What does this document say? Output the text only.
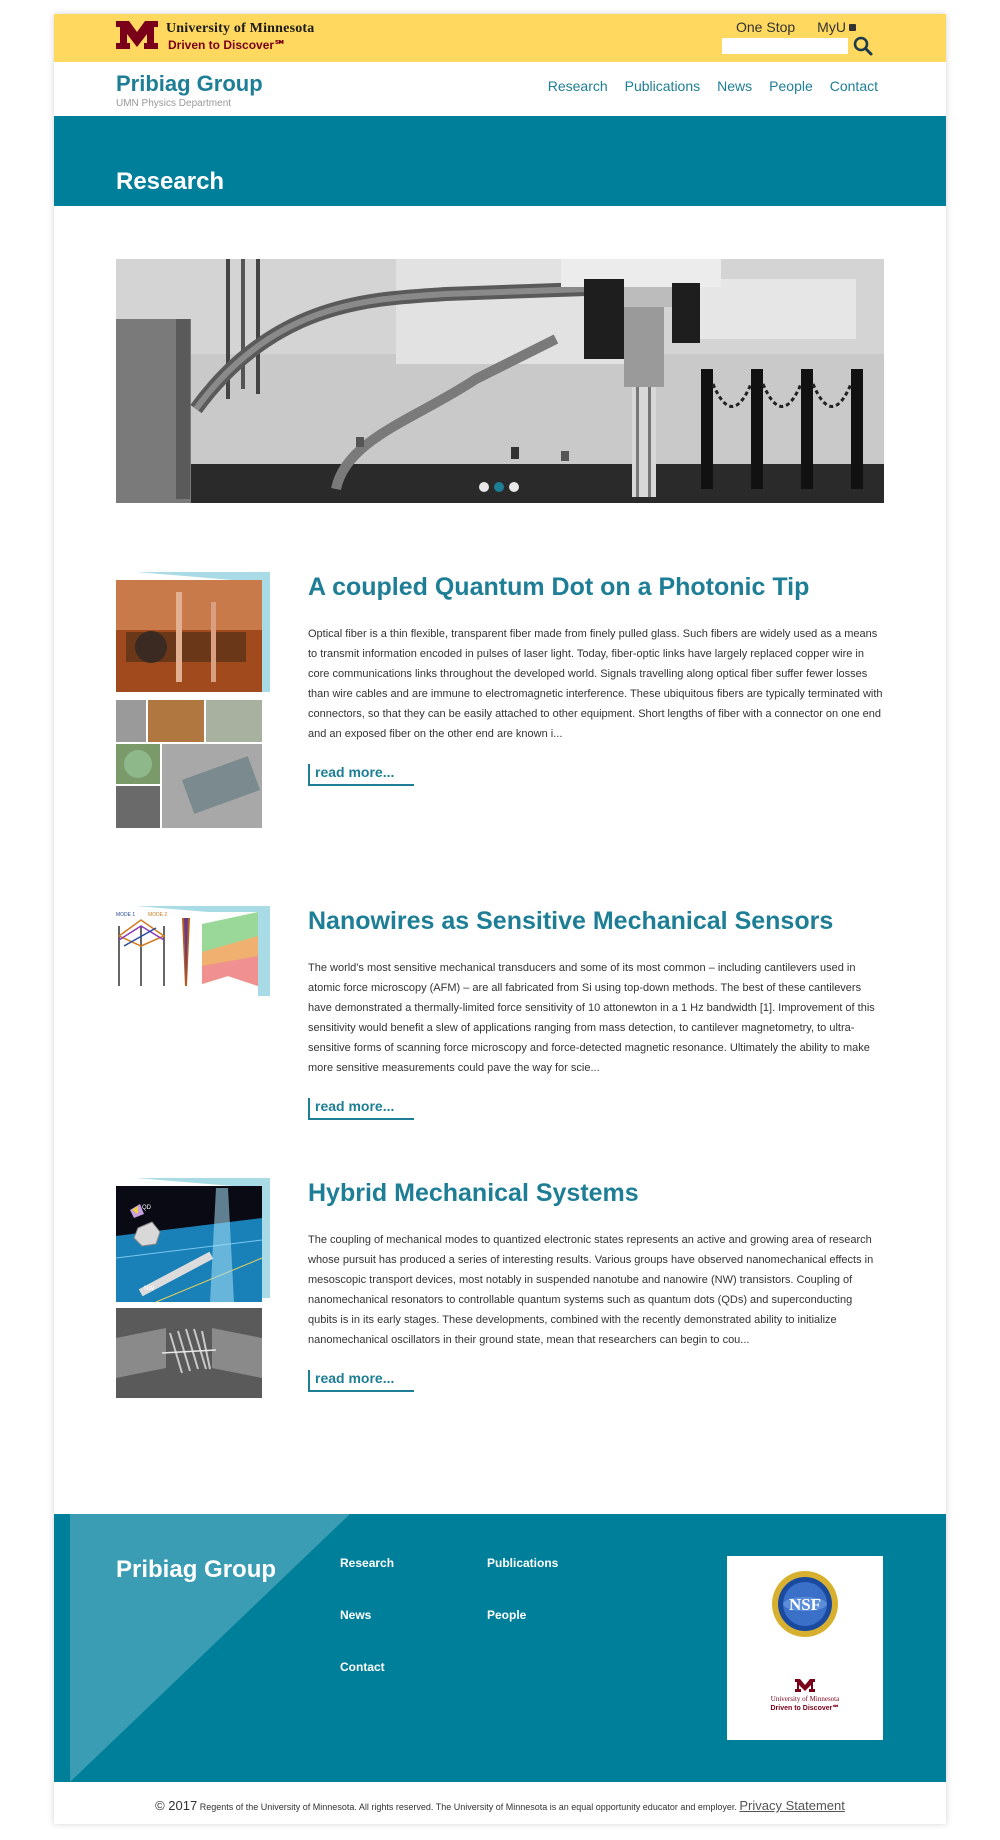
University of Minnesota
Driven to Discover℠
One Stop MyU
Pribiag Group
UMN Physics Department
Research Publications News People Contact
Research
A coupled Quantum Dot on a Photonic Tip

Optical fiber is a thin flexible, transparent fiber made from finely pulled glass. Such fibers are widely used as a means to transmit information encoded in pulses of laser light. Today, fiber-optic links have largely replaced copper wire in core communications links throughout the developed world. Signals travelling along optical fiber suffer fewer losses than wire cables and are immune to electromagnetic interference. These ubiquitous fibers are typically terminated with connectors, so that they can be easily attached to other equipment. Short lengths of fiber with a connector on one end and an exposed fiber on the other end are known i...

read more...
MODE 1	MODE 2	Nanowires as Sensitive Mechanical Sensors

The world's most sensitive mechanical transducers and some of its most common – including cantilevers used in atomic force microscopy (AFM) – are all fabricated from Si using top-down methods. The best of these cantilevers have demonstrated a thermally-limited force sensitivity of 10 attonewton in a 1 Hz bandwidth [1]. Improvement of this sensitivity would benefit a slew of applications ranging from mass detection, to cantilever magnetometry, to ultra-sensitive forms of scanning force microscopy and force-detected magnetic resonance. Ultimately the ability to make more sensitive measurements could pave the way for scie...

read more...
QD
NW
Hybrid Mechanical Systems

The coupling of mechanical modes to quantized electronic states represents an active and growing area of research whose pursuit has produced a series of interesting results. Various groups have observed nanomechanical effects in mesoscopic transport devices, most notably in suspended nanotube and nanowire (NW) transistors. Coupling of nanomechanical resonators to controllable quantum systems such as quantum dots (QDs) and superconducting qubits is in its early stages. These developments, combined with the recently demonstrated ability to initialize nanomechanical oscillators in their ground state, mean that researchers can begin to cou...

read more...
Pribiag Group	Research	Publications
News	People
Contact
NSF
University of Minnesota
Driven to Discover℠
© 2017 Regents of the University of Minnesota. All rights reserved. The University of Minnesota is an equal opportunity educator and employer. Privacy Statement
